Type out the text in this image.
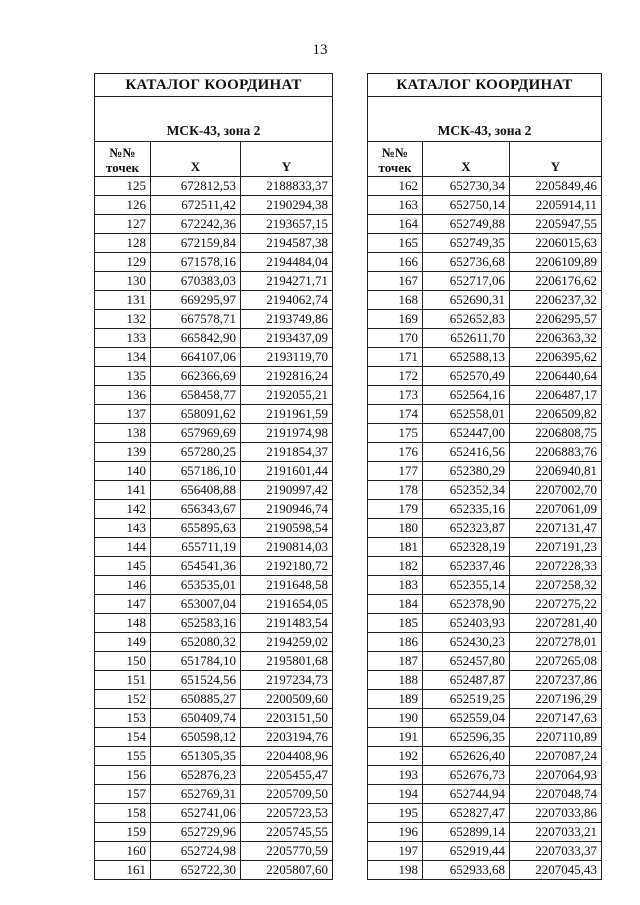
13
КАТАЛОГ КООРДИНАТ		
МСК-43, зона 2		
№№
точек	X	Y
125	672812,53	2188833,37
126	672511,42	2190294,38
127	672242,36	2193657,15
128	672159,84	2194587,38
129	671578,16	2194484,04
130	670383,03	2194271,71
131	669295,97	2194062,74
132	667578,71	2193749,86
133	665842,90	2193437,09
134	664107,06	2193119,70
135	662366,69	2192816,24
136	658458,77	2192055,21
137	658091,62	2191961,59
138	657969,69	2191974,98
139	657280,25	2191854,37
140	657186,10	2191601,44
141	656408,88	2190997,42
142	656343,67	2190946,74
143	655895,63	2190598,54
144	655711,19	2190814,03
145	654541,36	2192180,72
146	653535,01	2191648,58
147	653007,04	2191654,05
148	652583,16	2191483,54
149	652080,32	2194259,02
150	651784,10	2195801,68
151	651524,56	2197234,73
152	650885,27	2200509,60
153	650409,74	2203151,50
154	650598,12	2203194,76
155	651305,35	2204408,96
156	652876,23	2205455,47
157	652769,31	2205709,50
158	652741,06	2205723,53
159	652729,96	2205745,55
160	652724,98	2205770,59
161	652722,30	2205807,60
КАТАЛОГ КООРДИНАТ		
МСК-43, зона 2		
№№
точек	X	Y
162	652730,34	2205849,46
163	652750,14	2205914,11
164	652749,88	2205947,55
165	652749,35	2206015,63
166	652736,68	2206109,89
167	652717,06	2206176,62
168	652690,31	2206237,32
169	652652,83	2206295,57
170	652611,70	2206363,32
171	652588,13	2206395,62
172	652570,49	2206440,64
173	652564,16	2206487,17
174	652558,01	2206509,82
175	652447,00	2206808,75
176	652416,56	2206883,76
177	652380,29	2206940,81
178	652352,34	2207002,70
179	652335,16	2207061,09
180	652323,87	2207131,47
181	652328,19	2207191,23
182	652337,46	2207228,33
183	652355,14	2207258,32
184	652378,90	2207275,22
185	652403,93	2207281,40
186	652430,23	2207278,01
187	652457,80	2207265,08
188	652487,87	2207237,86
189	652519,25	2207196,29
190	652559,04	2207147,63
191	652596,35	2207110,89
192	652626,40	2207087,24
193	652676,73	2207064,93
194	652744,94	2207048,74
195	652827,47	2207033,86
196	652899,14	2207033,21
197	652919,44	2207033,37
198	652933,68	2207045,43
